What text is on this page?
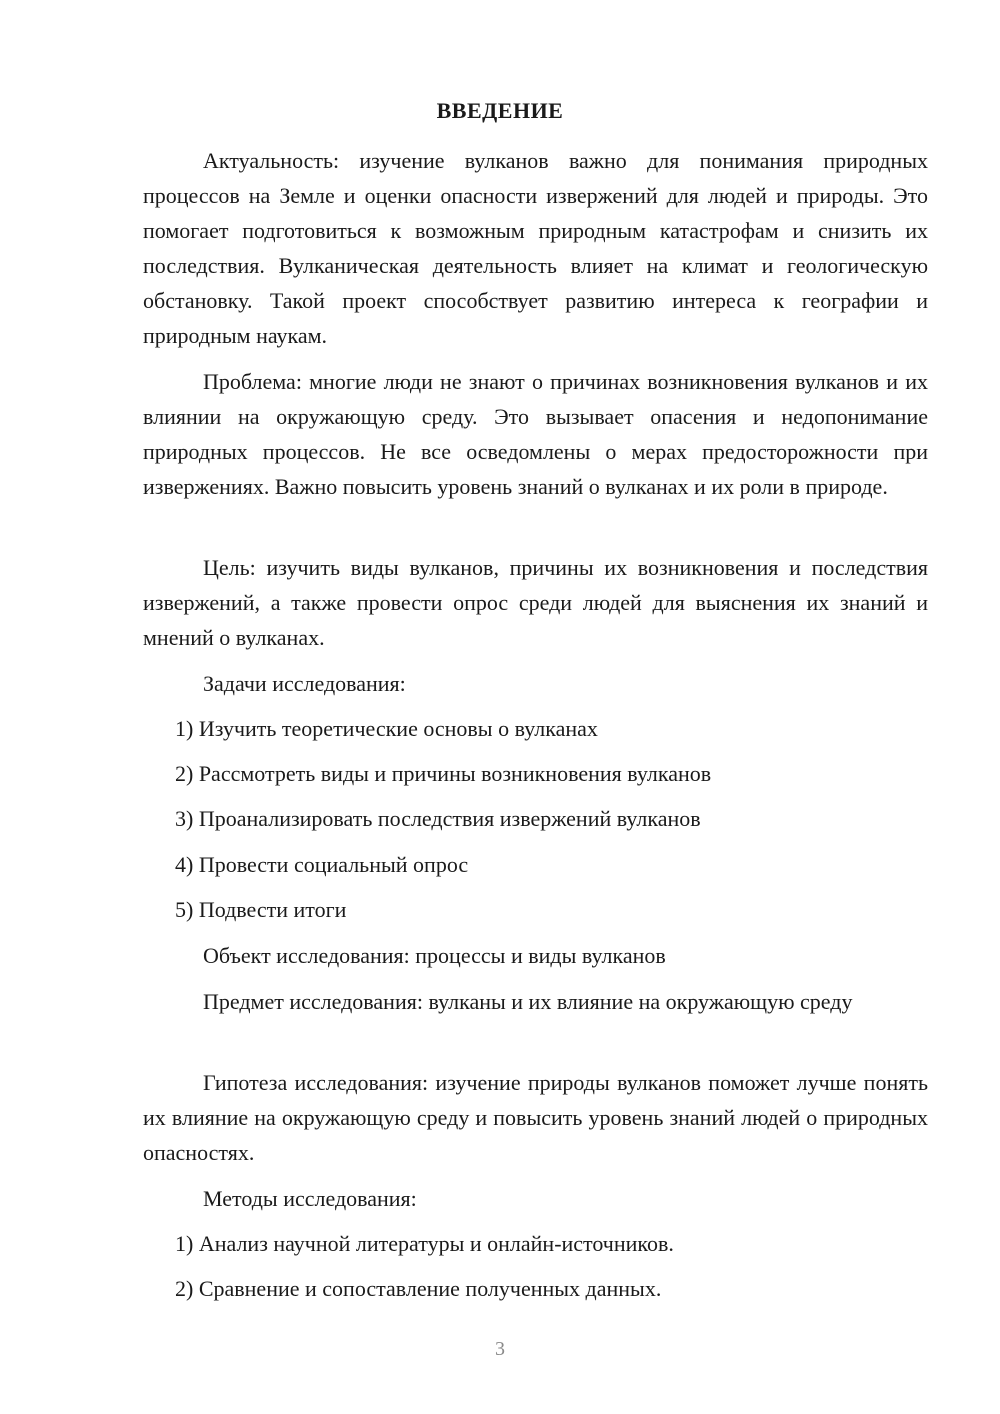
ВВЕДЕНИЕ

Актуальность: изучение вулканов важно для понимания природных процессов на Земле и оценки опасности извержений для людей и природы. Это помогает подготовиться к возможным природным катастрофам и снизить их последствия. Вулканическая деятельность влияет на климат и геологическую обстановку. Такой проект способствует развитию интереса к географии и природным наукам.

Проблема: многие люди не знают о причинах возникновения вулканов и их влиянии на окружающую среду. Это вызывает опасения и недопонимание природных процессов. Не все осведомлены о мерах предосторожности при извержениях. Важно повысить уровень знаний о вулканах и их роли в природе.

Цель: изучить виды вулканов, причины их возникновения и последствия извержений, а также провести опрос среди людей для выяснения их знаний и мнений о вулканах.

Задачи исследования:

1) Изучить теоретические основы о вулканах
2) Рассмотреть виды и причины возникновения вулканов
3) Проанализировать последствия извержений вулканов
4) Провести социальный опрос
5) Подвести итоги

Объект исследования: процессы и виды вулканов

Предмет исследования: вулканы и их влияние на окружающую среду

Гипотеза исследования: изучение природы вулканов поможет лучше понять их влияние на окружающую среду и повысить уровень знаний людей о природных опасностях.

Методы исследования:

1) Анализ научной литературы и онлайн-источников.
2) Сравнение и сопоставление полученных данных.
3
